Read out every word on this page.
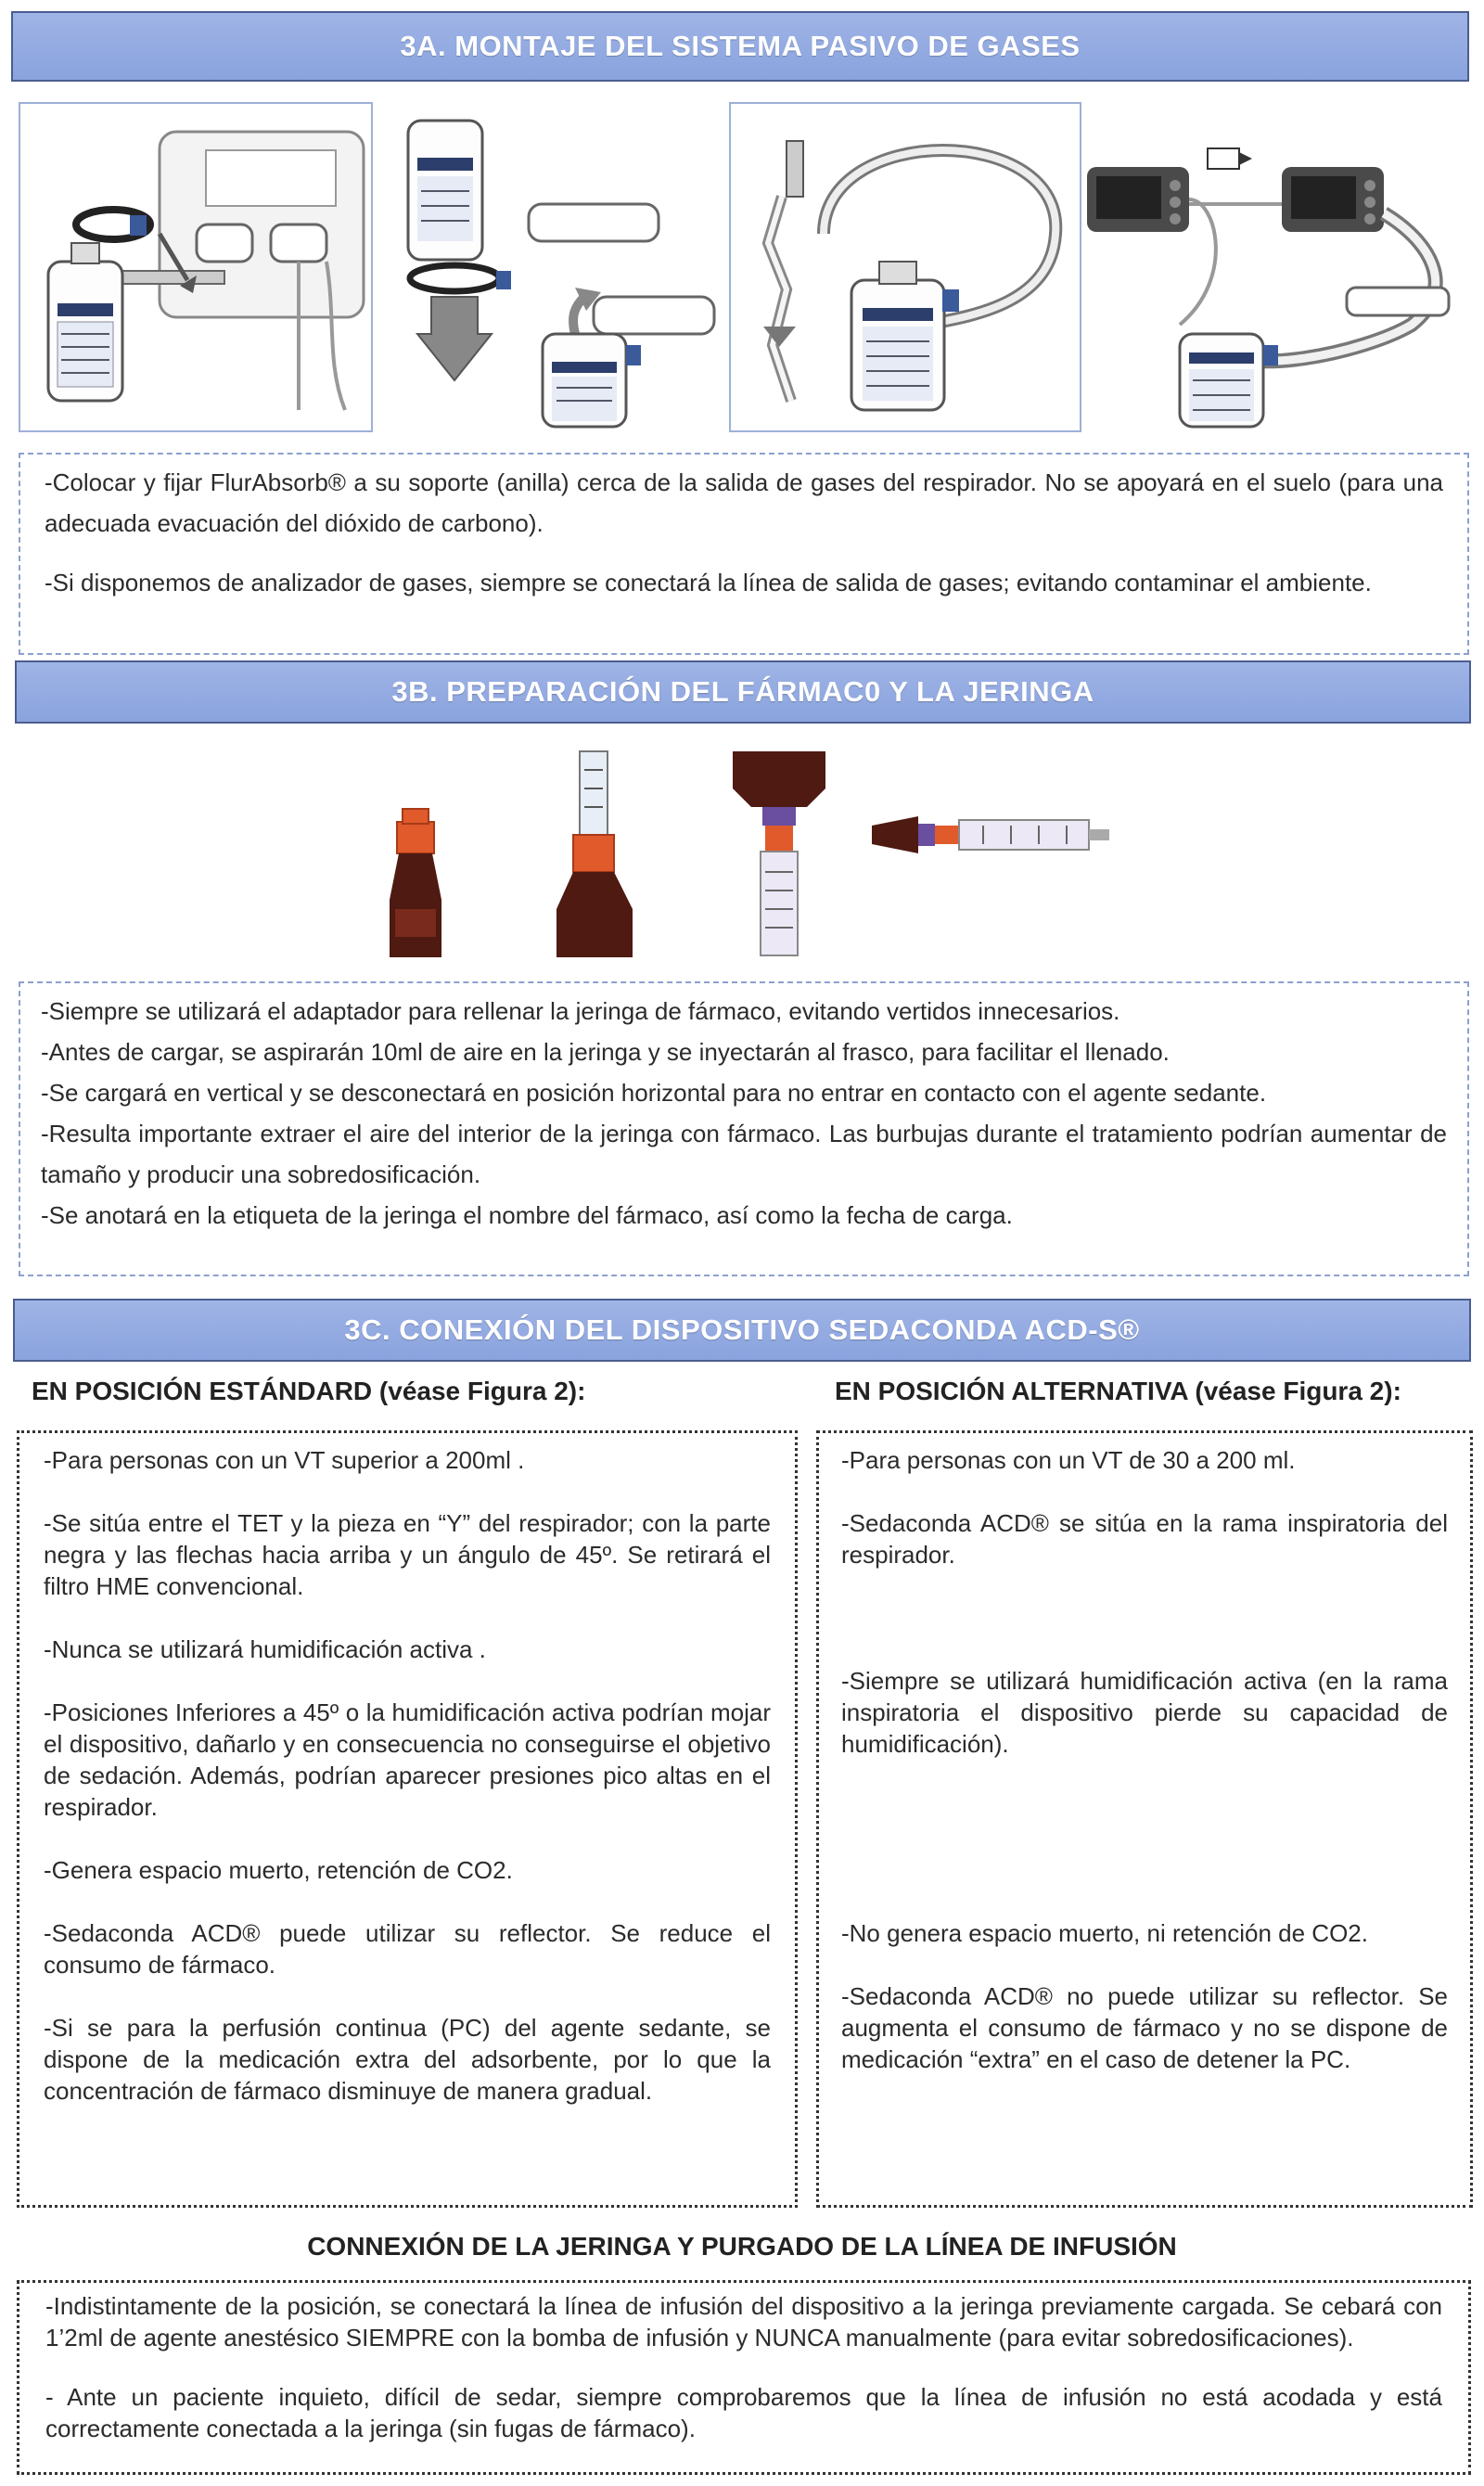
3A. MONTAJE DEL SISTEMA PASIVO DE GASES

-Colocar y fijar FlurAbsorb® a su soporte (anilla) cerca de la salida de gases del respirador. No se apoyará en el suelo (para una adecuada evacuación del dióxido de carbono).

-Si disponemos de analizador de gases, siempre se conectará la línea de salida de gases; evitando contaminar el ambiente.

3B. PREPARACIÓN DEL FÁRMAC0 Y LA JERINGA

-Siempre se utilizará el adaptador para rellenar la jeringa de fármaco, evitando vertidos innecesarios.

-Antes de cargar, se aspirarán 10ml de aire en la jeringa y se inyectarán al frasco, para facilitar el llenado.

-Se cargará en vertical y se desconectará en posición horizontal para no entrar en contacto con el agente sedante.

-Resulta importante extraer el aire del interior de la jeringa con fármaco. Las burbujas durante el tratamiento podrían aumentar de tamaño y producir una sobredosificación.

-Se anotará en la etiqueta de la jeringa el nombre del fármaco, así como la fecha de carga.

3C. CONEXIÓN DEL DISPOSITIVO SEDACONDA ACD-S®
EN POSICIÓN ESTÁNDARD (véase Figura 2):	EN POSICIÓN ALTERNATIVA (véase Figura 2):

-Para personas con un VT superior a 200ml .

-Se sitúa entre el TET y la pieza en “Y” del respirador; con la parte negra y las flechas hacia arriba y un ángulo de 45º. Se retirará el filtro HME convencional.

-Nunca se utilizará humidificación activa .

-Posiciones Inferiores a 45º o la humidificación activa podrían mojar el dispositivo, dañarlo y en consecuencia no conseguirse el objetivo de sedación. Además, podrían aparecer presiones pico altas en el respirador.

-Genera espacio muerto, retención de CO2.

-Sedaconda ACD® puede utilizar su reflector. Se reduce el consumo de fármaco.

-Si se para la perfusión continua (PC) del agente sedante, se dispone de la medicación extra del adsorbente, por lo que la concentración de fármaco disminuye de manera gradual.

-Para personas con un VT de 30 a 200 ml.

-Sedaconda ACD® se sitúa en la rama inspiratoria del respirador.

-Siempre se utilizará humidificación activa (en la rama inspiratoria el dispositivo pierde su capacidad de humidificación).

-No genera espacio muerto, ni retención de CO2.

-Sedaconda ACD® no puede utilizar su reflector. Se augmenta el consumo de fármaco y no se dispone de medicación “extra” en el caso de detener la PC.

CONNEXIÓN DE LA JERINGA Y PURGADO DE LA LÍNEA DE INFUSIÓN

-Indistintamente de la posición, se conectará la línea de infusión del dispositivo a la jeringa previamente cargada. Se cebará con 1’2ml de agente anestésico SIEMPRE con la bomba de infusión y NUNCA manualmente (para evitar sobredosificaciones).

- Ante un paciente inquieto, difícil de sedar, siempre comprobaremos que la línea de infusión no está acodada y está correctamente conectada a la jeringa (sin fugas de fármaco).
